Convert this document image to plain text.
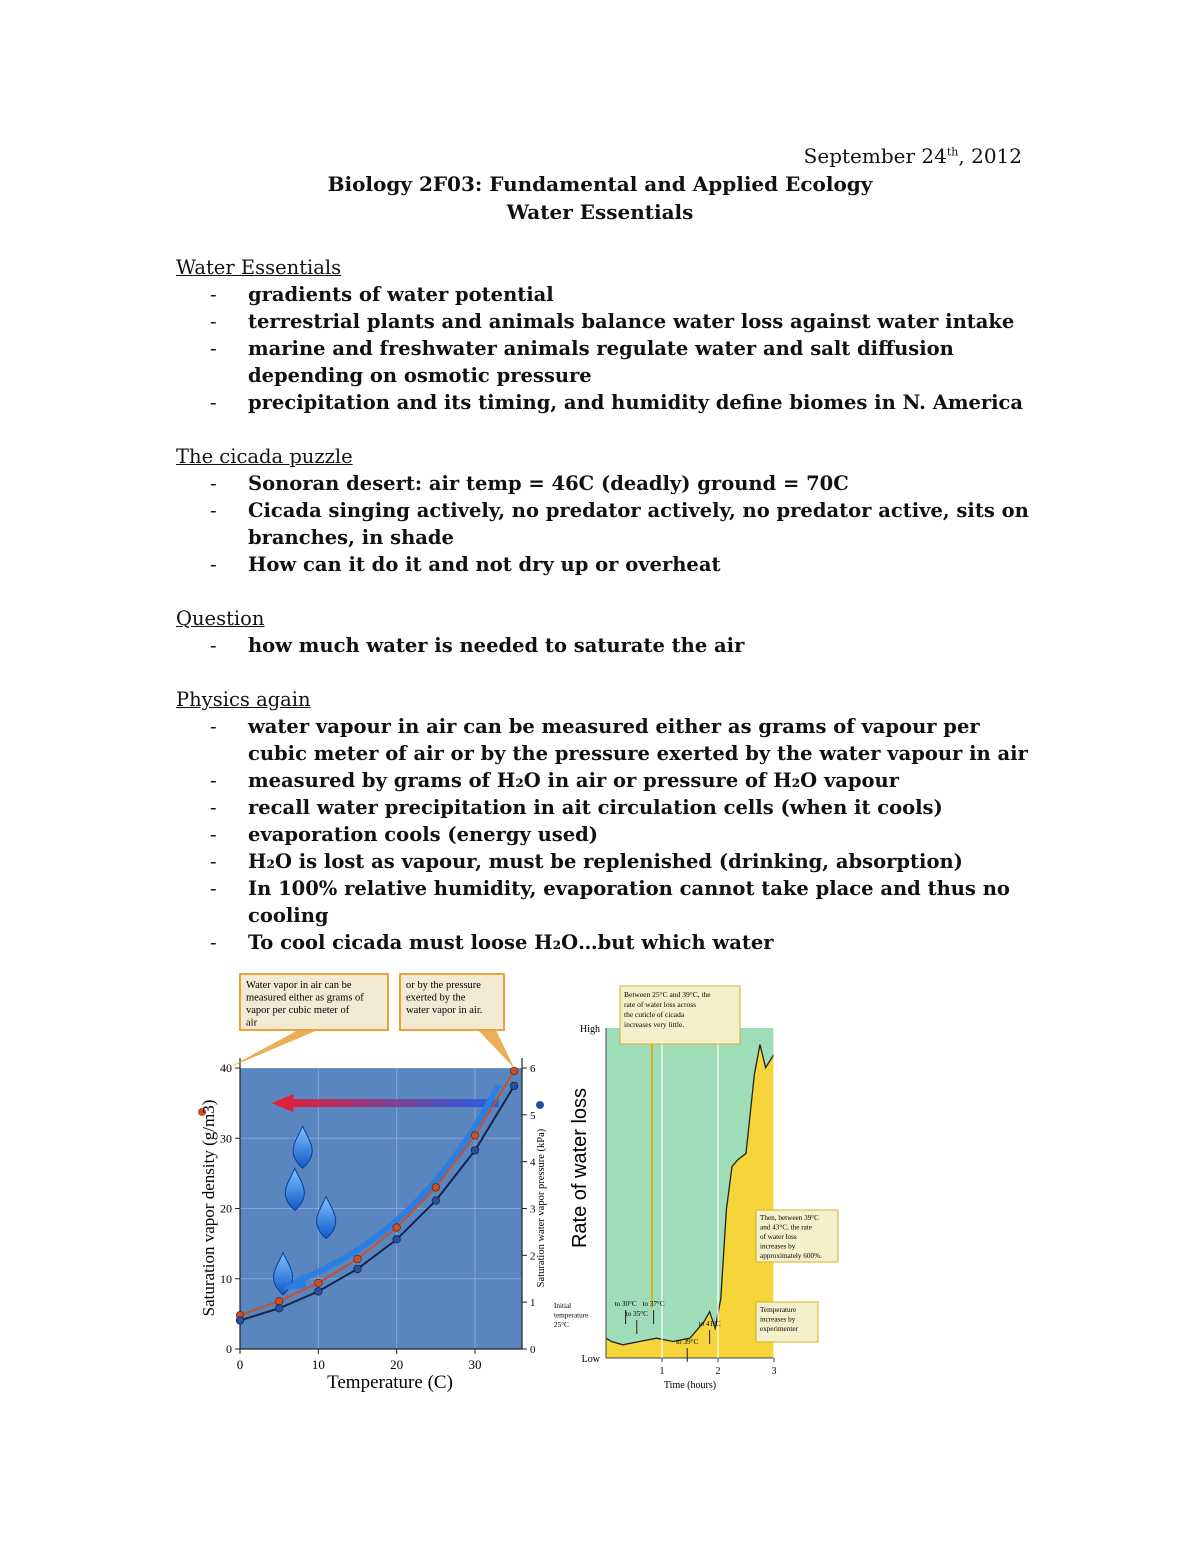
September 24th, 2012
Biology 2F03: Fundamental and Applied Ecology
Water Essentials
Water Essentials
- gradients of water potential
- terrestrial plants and animals balance water loss against water intake
- marine and freshwater animals regulate water and salt diffusion depending on osmotic pressure
- precipitation and its timing, and humidity define biomes in N. America
The cicada puzzle
- Sonoran desert: air temp = 46C (deadly) ground = 70C
- Cicada singing actively, no predator actively, no predator active, sits on branches, in shade
- How can it do it and not dry up or overheat
Question
- how much water is needed to saturate the air
Physics again
- water vapour in air can be measured either as grams of vapour per cubic meter of air or by the pressure exerted by the water vapour in air
- measured by grams of H₂O in air or pressure of H₂O vapour
- recall water precipitation in ait circulation cells (when it cools)
- evaporation cools (energy used)
- H₂O is lost as vapour, must be replenished (drinking, absorption)
- In 100% relative humidity, evaporation cannot take place and thus no cooling
- To cool cicada must loose H₂O…but which water
0	10	20	30
0
10
20
30
40
0
1
2
3
4
5
6
Water vapor in air can be
measured either as grams of
vapor per cubic meter of
air
or by the pressure
exerted by the
water vapor in air.
Temperature (C)
Saturation vapor density (g/m3)	Saturation water vapor pressure (kPa)
High
Low
1	2	3
Between 25°C and 39°C, the
rate of water loss across
the cuticle of cicada
increases very little.
Then, between 39°C
and 43°C, the rate
of water loss
increases by
approximately 600%.
Temperature
increases by
experimenter
Initial
temperature
25°C
to 30°C
to 35°C
to 37°C
to 39°C
to 41°C
Rate of water loss
Time (hours)
